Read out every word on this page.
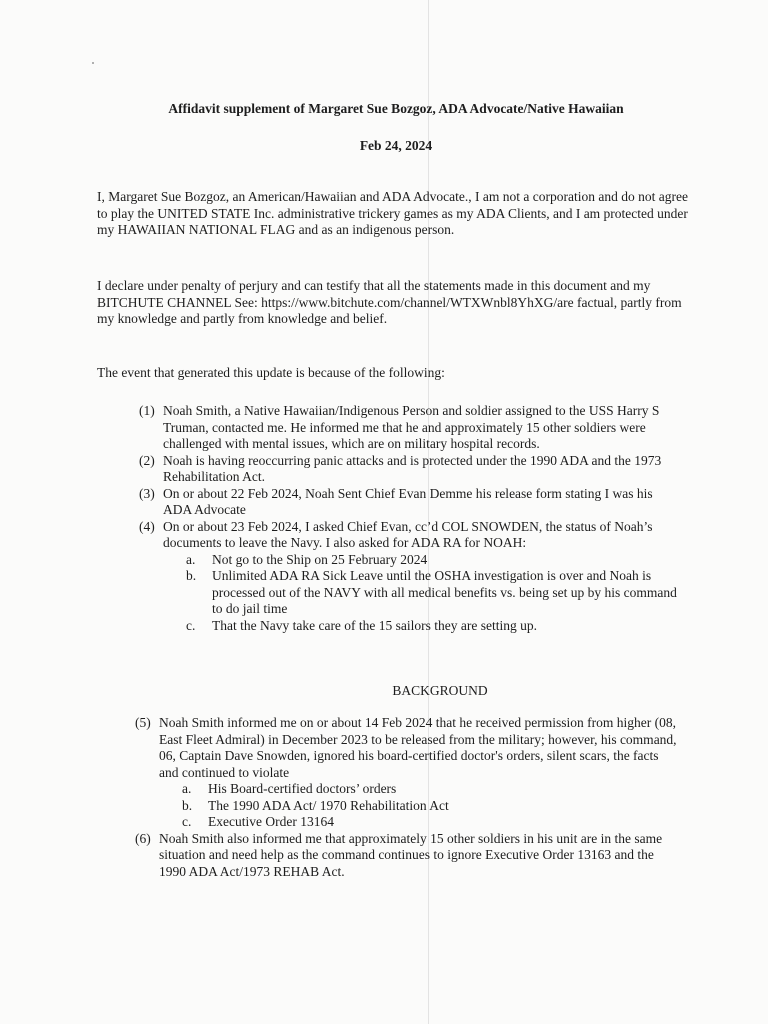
Affidavit supplement of Margaret Sue Bozgoz, ADA Advocate/Native Hawaiian
Feb 24, 2024
I, Margaret Sue Bozgoz, an American/Hawaiian and ADA Advocate., I am not a corporation and do not agree to play the UNITED STATE Inc. administrative trickery games as my ADA Clients, and I am protected under my HAWAIIAN NATIONAL FLAG and as an indigenous person.
I declare under penalty of perjury and can testify that all the statements made in this document and my BITCHUTE CHANNEL See: https://www.bitchute.com/channel/WTXWnbl8YhXG/are factual, partly from my knowledge and partly from knowledge and belief.
The event that generated this update is because of the following:
(1) Noah Smith, a Native Hawaiian/Indigenous Person and soldier assigned to the USS Harry S Truman, contacted me. He informed me that he and approximately 15 other soldiers were challenged with mental issues, which are on military hospital records.
(2) Noah is having reoccurring panic attacks and is protected under the 1990 ADA and the 1973 Rehabilitation Act.
(3) On or about 22 Feb 2024, Noah Sent Chief Evan Demme his release form stating I was his ADA Advocate
(4) On or about 23 Feb 2024, I asked Chief Evan, cc’d COL SNOWDEN, the status of Noah’s documents to leave the Navy. I also asked for ADA RA for NOAH:
a. Not go to the Ship on 25 February 2024
b. Unlimited ADA RA Sick Leave until the OSHA investigation is over and Noah is processed out of the NAVY with all medical benefits vs. being set up by his command to do jail time
c. That the Navy take care of the 15 sailors they are setting up.
BACKGROUND
(5) Noah Smith informed me on or about 14 Feb 2024 that he received permission from higher (08, East Fleet Admiral) in December 2023 to be released from the military; however, his command, 06, Captain Dave Snowden, ignored his board-certified doctor's orders, silent scars, the facts and continued to violate
a. His Board-certified doctors’ orders
b. The 1990 ADA Act/ 1970 Rehabilitation Act
c. Executive Order 13164
(6) Noah Smith also informed me that approximately 15 other soldiers in his unit are in the same situation and need help as the command continues to ignore Executive Order 13163 and the 1990 ADA Act/1973 REHAB Act.
